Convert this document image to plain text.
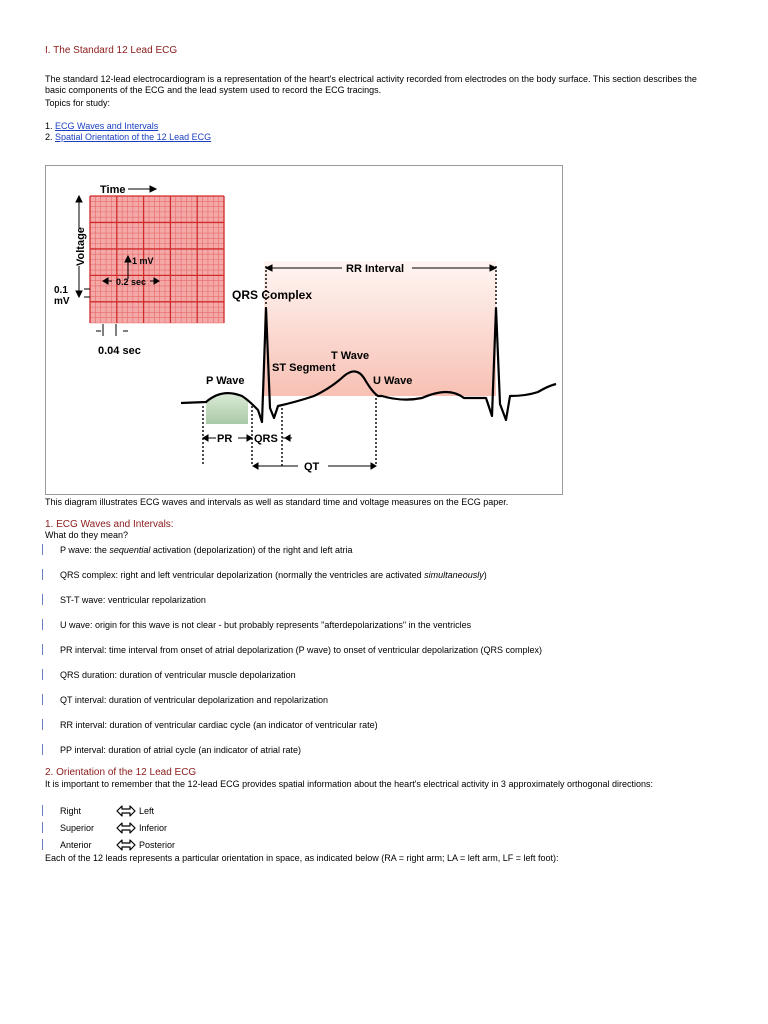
I. The Standard 12 Lead ECG
The standard 12-lead electrocardiogram is a representation of the heart's electrical activity recorded from electrodes on the body surface. This section describes the basic components of the ECG and the lead system used to record the ECG tracings.
Topics for study:
1. ECG Waves and Intervals
2. Spatial Orientation of the 12 Lead ECG
RR Interval
PR QRS
QT
QRS Complex
T Wave
ST Segment
P Wave	U Wave
Time
Voltage	1 mV
0.2 sec
0.1
mV
0.04 sec
This diagram illustrates ECG waves and intervals as well as standard time and voltage measures on the ECG paper.
1. ECG Waves and Intervals:
What do they mean?
P wave: the sequential activation (depolarization) of the right and left atria
QRS complex: right and left ventricular depolarization (normally the ventricles are activated simultaneously)
ST-T wave: ventricular repolarization
U wave: origin for this wave is not clear - but probably represents "afterdepolarizations" in the ventricles
PR interval: time interval from onset of atrial depolarization (P wave) to onset of ventricular depolarization (QRS complex)
QRS duration: duration of ventricular muscle depolarization
QT interval: duration of ventricular depolarization and repolarization
RR interval: duration of ventricular cardiac cycle (an indicator of ventricular rate)
PP interval: duration of atrial cycle (an indicator of atrial rate)
2. Orientation of the 12 Lead ECG
It is important to remember that the 12-lead ECG provides spatial information about the heart's electrical activity in 3 approximately orthogonal directions:
Right	Left
Superior	Inferior
Anterior	Posterior
Each of the 12 leads represents a particular orientation in space, as indicated below (RA = right arm; LA = left arm, LF = left foot):
